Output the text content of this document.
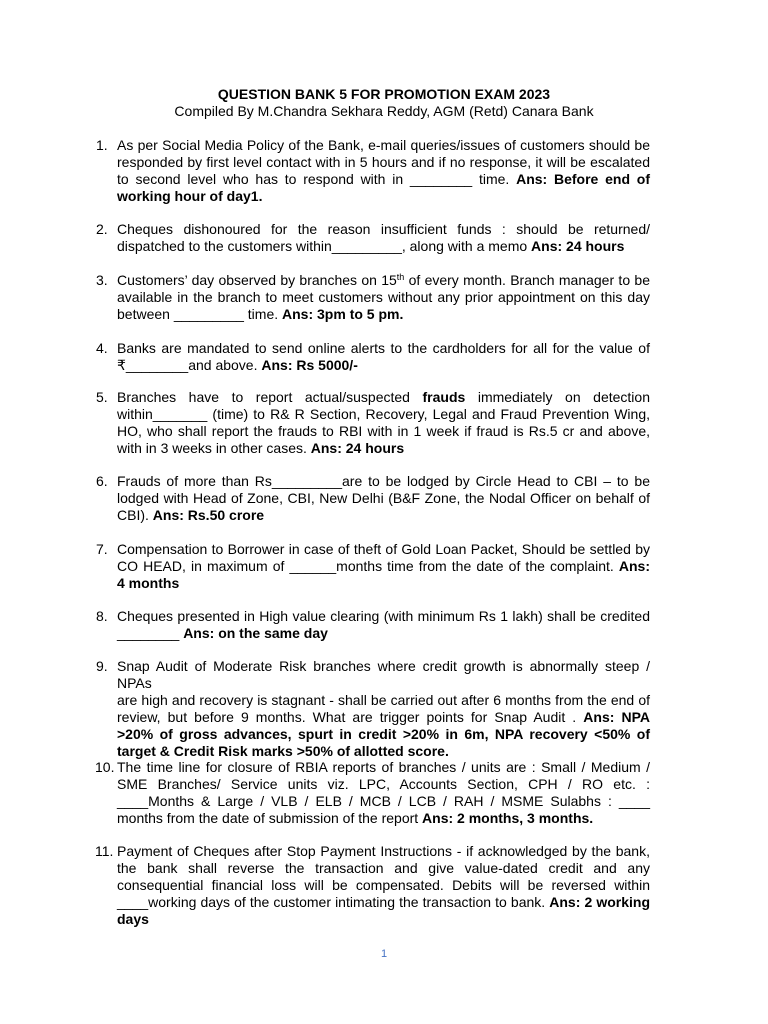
QUESTION BANK 5 FOR PROMOTION EXAM 2023
Compiled By M.Chandra Sekhara Reddy, AGM (Retd) Canara Bank
1. As per Social Media Policy of the Bank, e-mail queries/issues of customers should be
responded by first level contact with in 5 hours and if no response, it will be escalated
to second level who has to respond with in ________ time. Ans: Before end of
working hour of day1.
2. Cheques dishonoured for the reason insufficient funds : should be returned/
dispatched to the customers within_________, along with a memo Ans: 24 hours
3. Customers’ day observed by branches on 15th of every month. Branch manager to be
available in the branch to meet customers without any prior appointment on this day
between _________ time. Ans: 3pm to 5 pm.
4. Banks are mandated to send online alerts to the cardholders for all for the value of
₹________and above. Ans: Rs 5000/-
5. Branches have to report actual/suspected frauds immediately on detection
within_______ (time) to R& R Section, Recovery, Legal and Fraud Prevention Wing,
HO, who shall report the frauds to RBI with in 1 week if fraud is Rs.5 cr and above,
with in 3 weeks in other cases. Ans: 24 hours
6. Frauds of more than Rs_________are to be lodged by Circle Head to CBI – to be
lodged with Head of Zone, CBI, New Delhi (B&F Zone, the Nodal Officer on behalf of
CBI). Ans: Rs.50 crore
7. Compensation to Borrower in case of theft of Gold Loan Packet, Should be settled by
CO HEAD, in maximum of ______months time from the date of the complaint. Ans:
4 months
8. Cheques presented in High value clearing (with minimum Rs 1 lakh) shall be credited
________ Ans: on the same day
9. Snap Audit of Moderate Risk branches where credit growth is abnormally steep / NPAs
are high and recovery is stagnant - shall be carried out after 6 months from the end of
review, but before 9 months. What are trigger points for Snap Audit . Ans: NPA
>20% of gross advances, spurt in credit >20% in 6m, NPA recovery <50% of
target & Credit Risk marks >50% of allotted score.
10. The time line for closure of RBIA reports of branches / units are : Small / Medium /
SME Branches/ Service units viz. LPC, Accounts Section, CPH / RO etc. :
____Months & Large / VLB / ELB / MCB / LCB / RAH / MSME Sulabhs : ____
months from the date of submission of the report Ans: 2 months, 3 months.
11. Payment of Cheques after Stop Payment Instructions - if acknowledged by the bank,
the bank shall reverse the transaction and give value-dated credit and any
consequential financial loss will be compensated. Debits will be reversed within
____working days of the customer intimating the transaction to bank. Ans: 2 working
days
1
